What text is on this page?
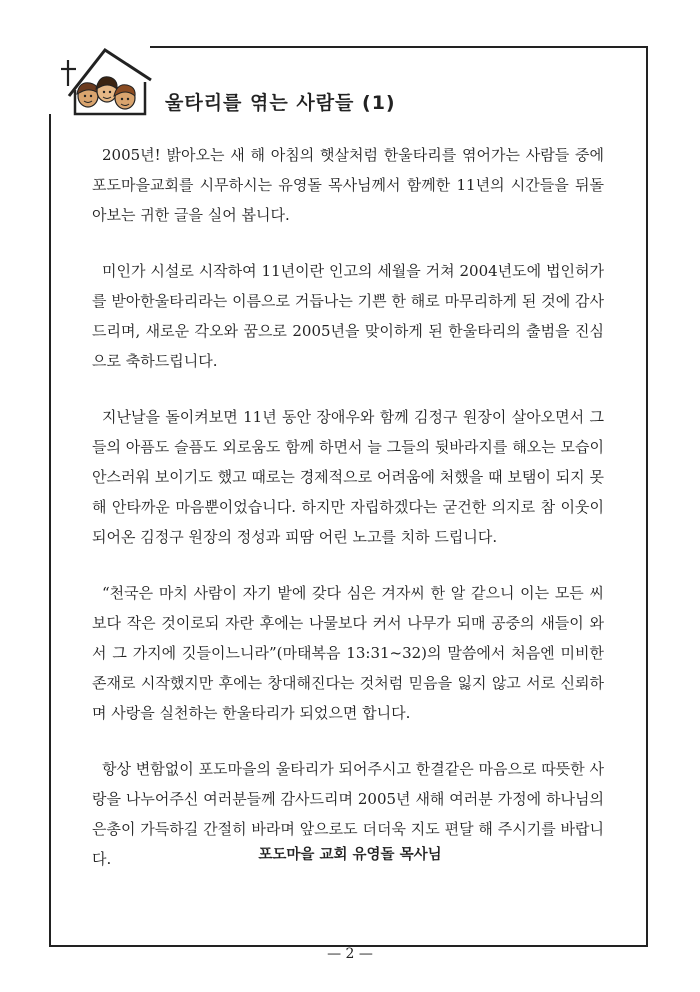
울타리를 엮는 사람들 (1)

2005년! 밝아오는 새 해 아침의 햇살처럼 한울타리를 엮어가는 사람들 중에 포도마을교회를 시무하시는 유영돌 목사님께서 함께한 11년의 시간들을 뒤돌아보는 귀한 글을 실어 봅니다.

미인가 시설로 시작하여 11년이란 인고의 세월을 거쳐 2004년도에 법인허가를 받아한울타리라는 이름으로 거듭나는 기쁜 한 해로 마무리하게 된 것에 감사드리며, 새로운 각오와 꿈으로 2005년을 맞이하게 된 한울타리의 출범을 진심으로 축하드립니다.

지난날을 돌이켜보면 11년 동안 장애우와 함께 김정구 원장이 살아오면서 그들의 아픔도 슬픔도 외로움도 함께 하면서 늘 그들의 뒷바라지를 해오는 모습이 안스러워 보이기도 했고 때로는 경제적으로 어려움에 처했을 때 보탬이 되지 못해 안타까운 마음뿐이었습니다. 하지만 자립하겠다는 굳건한 의지로 참 이웃이 되어온 김정구 원장의 정성과 피땀 어린 노고를 치하 드립니다.

“천국은 마치 사람이 자기 밭에 갖다 심은 겨자씨 한 알 같으니 이는 모든 씨보다 작은 것이로되 자란 후에는 나물보다 커서 나무가 되매 공중의 새들이 와서 그 가지에 깃들이느니라”(마태복음 13:31~32)의 말씀에서 처음엔 미비한 존재로 시작했지만 후에는 창대해진다는 것처럼 믿음을 잃지 않고 서로 신뢰하며 사랑을 실천하는 한울타리가 되었으면 합니다.

항상 변함없이 포도마을의 울타리가 되어주시고 한결같은 마음으로 따뜻한 사랑을 나누어주신 여러분들께 감사드리며 2005년 새해 여러분 가정에 하나님의 은총이 가득하길 간절히 바라며 앞으로도 더더욱 지도 편달 해 주시기를 바랍니다.	포도마을 교회 유영돌 목사님
— 2 —
